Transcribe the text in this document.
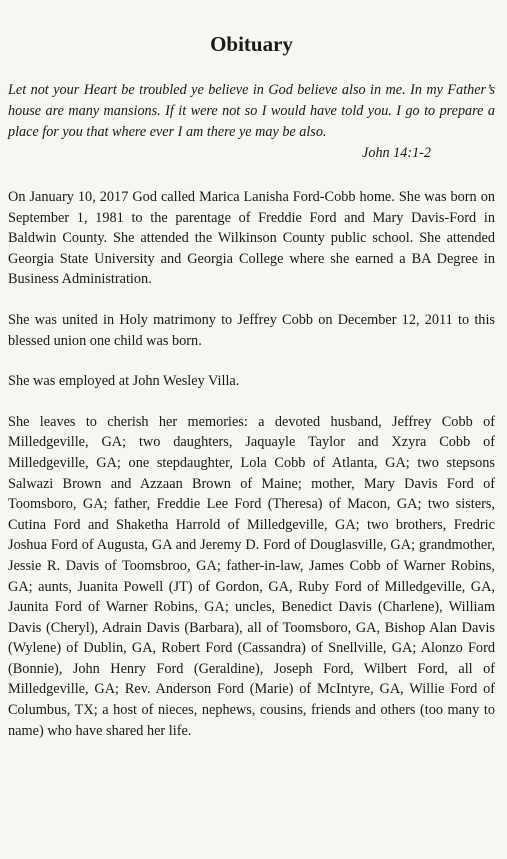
Obituary

Let not your Heart be troubled ye believe in God believe also in me. In my Father’s house are many mansions. If it were not so I would have told you. I go to prepare a place for you that where ever I am there ye may be also.

John 14:1-2

On January 10, 2017 God called Marica Lanisha Ford-Cobb home. She was born on September 1, 1981 to the parentage of Freddie Ford and Mary Davis-Ford in Baldwin County. She attended the Wilkinson County public school. She attended Georgia State University and Georgia College where she earned a BA Degree in Business Administration.

She was united in Holy matrimony to Jeffrey Cobb on December 12, 2011 to this blessed union one child was born.

She was employed at John Wesley Villa.

She leaves to cherish her memories: a devoted husband, Jeffrey Cobb of Milledgeville, GA; two daughters, Jaquayle Taylor and Xzyra Cobb of Milledgeville, GA; one stepdaughter, Lola Cobb of Atlanta, GA; two stepsons Salwazi Brown and Azzaan Brown of Maine; mother, Mary Davis Ford of Toomsboro, GA; father, Freddie Lee Ford (Theresa) of Macon, GA; two sisters, Cutina Ford and Shaketha Harrold of Milledgeville, GA; two brothers, Fredric Joshua Ford of Augusta, GA and Jeremy D. Ford of Douglasville, GA; grandmother, Jessie R. Davis of Toomsbroo, GA; father-in-law, James Cobb of Warner Robins, GA; aunts, Juanita Powell (JT) of Gordon, GA, Ruby Ford of Milledgeville, GA, Jaunita Ford of Warner Robins, GA; uncles, Benedict Davis (Charlene), William Davis (Cheryl), Adrain Davis (Barbara), all of Toomsboro, GA, Bishop Alan Davis (Wylene) of Dublin, GA, Robert Ford (Cassandra) of Snellville, GA; Alonzo Ford (Bonnie), John Henry Ford (Geraldine), Joseph Ford, Wilbert Ford, all of Milledgeville, GA; Rev. Anderson Ford (Marie) of McIntyre, GA, Willie Ford of Columbus, TX; a host of nieces, nephews, cousins, friends and others (too many to name) who have shared her life.
